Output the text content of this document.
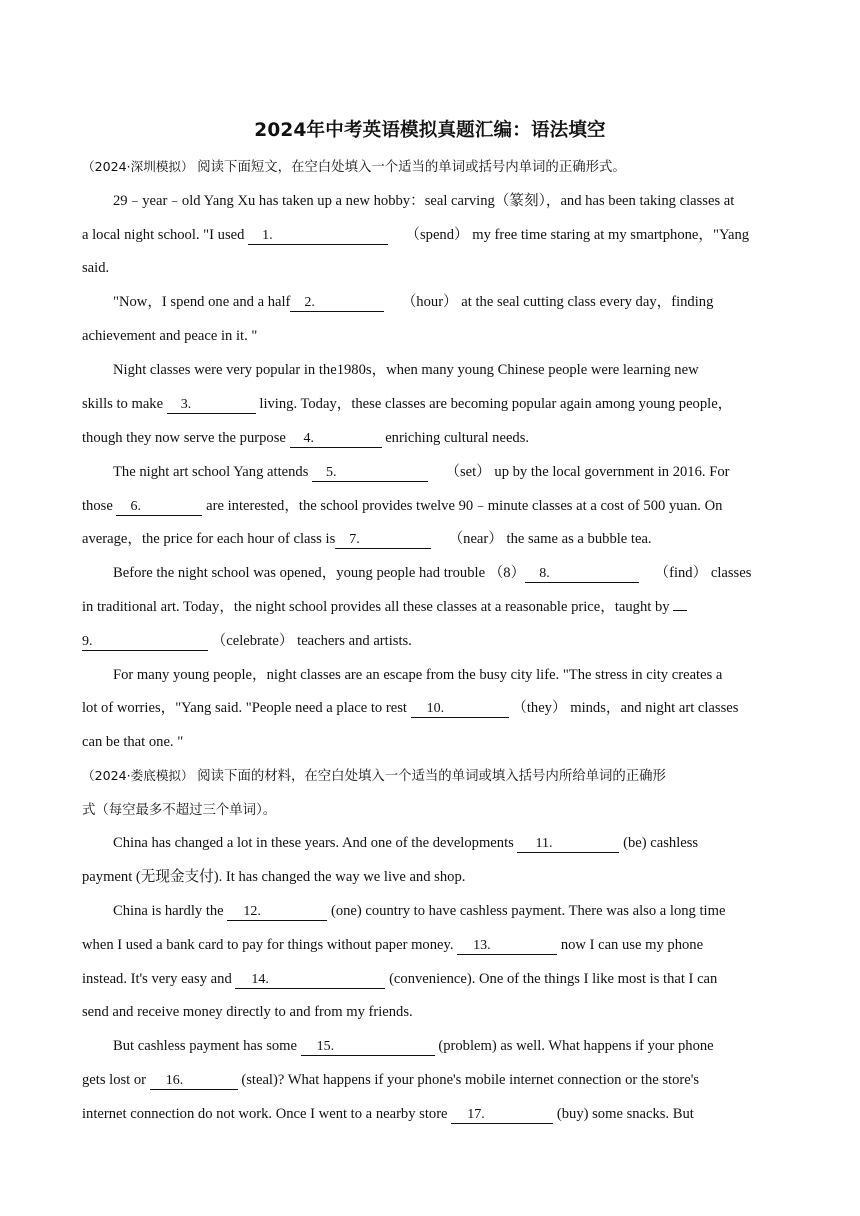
2024年中考英语模拟真题汇编：语法填空
（2024·深圳模拟） 阅读下面短文，在空白处填入一个适当的单词或括号内单词的正确形式。
29﹣year﹣old Yang Xu has taken up a new hobby：seal carving（篆刻），and has been taking classes at
a local night school. "I used 1.	（spend） my free time staring at my smartphone，"Yang
said.
"Now，I spend one and a half 2.	（hour） at the seal cutting class every day，finding
achievement and peace in it. "
Night classes were very popular in the1980s，when many young Chinese people were learning new
skills to make 3.	living. Today，these classes are becoming popular again among young people，
though they now serve the purpose 4.	enriching cultural needs.
The night art school Yang attends 5.	（set） up by the local government in 2016. For
those 6.	are interested，the school provides twelve 90﹣minute classes at a cost of 500 yuan. On
average，the price for each hour of class is 7.	（near） the same as a bubble tea.
Before the night school was opened，young people had trouble （8） 8.	（find） classes
in traditional art. Today，the night school provides all these classes at a reasonable price，taught by
9.	（celebrate） teachers and artists.
For many young people，night classes are an escape from the busy city life. "The stress in city creates a
lot of worries，"Yang said. "People need a place to rest 10.	（they） minds，and night art classes
can be that one. "
（2024·娄底模拟） 阅读下面的材料，在空白处填入一个适当的单词或填入括号内所给单词的正确形
式（每空最多不超过三个单词）。
China has changed a lot in these years. And one of the developments 11.	(be) cashless
payment (无现金支付). It has changed the way we live and shop.
China is hardly the 12.	(one) country to have cashless payment. There was also a long time
when I used a bank card to pay for things without paper money. 13.	now I can use my phone
instead. It's very easy and 14.	(convenience). One of the things I like most is that I can
send and receive money directly to and from my friends.
But cashless payment has some 15.	(problem) as well. What happens if your phone
gets lost or 16.	(steal)? What happens if your phone's mobile internet connection or the store's
internet connection do not work. Once I went to a nearby store 17.	(buy) some snacks. But
